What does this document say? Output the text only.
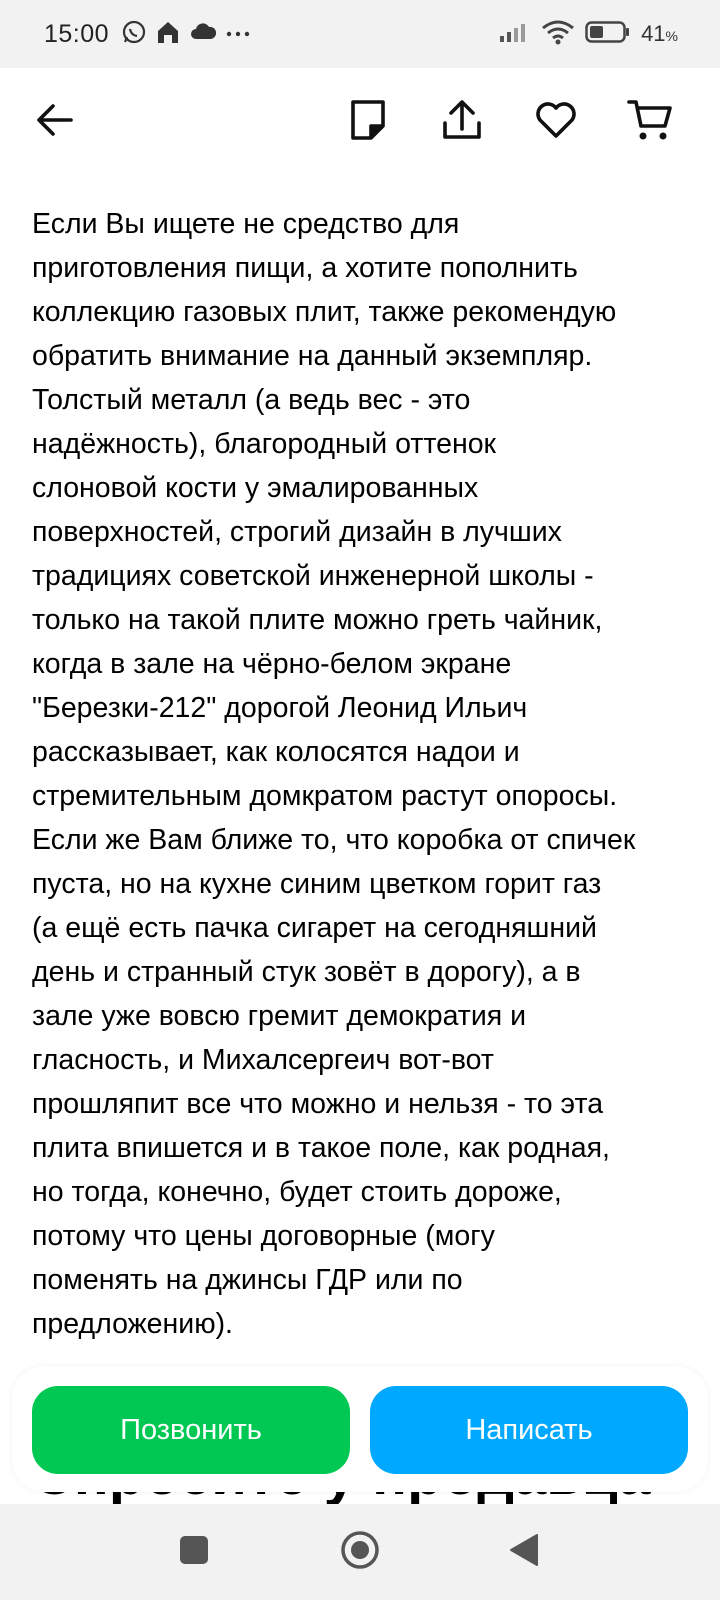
15:00	41%

Если Вы ищете не средство для
приготовления пищи, а хотите пополнить
коллекцию газовых плит, также рекомендую
обратить внимание на данный экземпляр.
Толстый металл (а ведь вес - это
надёжность), благородный оттенок
слоновой кости у эмалированных
поверхностей, строгий дизайн в лучших
традициях советской инженерной школы -
только на такой плите можно греть чайник,
когда в зале на чёрно-белом экране
"Березки-212" дорогой Леонид Ильич
рассказывает, как колосятся надои и
стремительным домкратом растут опоросы.
Если же Вам ближе то, что коробка от спичек
пуста, но на кухне синим цветком горит газ
(а ещё есть пачка сигарет на сегодняшний
день и странный стук зовёт в дорогу), а в
зале уже вовсю гремит демократия и
гласность, и Михалсергеич вот-вот
прошляпит все что можно и нельзя - то эта
плита впишется и в такое поле, как родная,
но тогда, конечно, будет стоить дороже,
потому что цены договорные (могу
поменять на джинсы ГДР или по
предложению).

Позвонить	Написать
